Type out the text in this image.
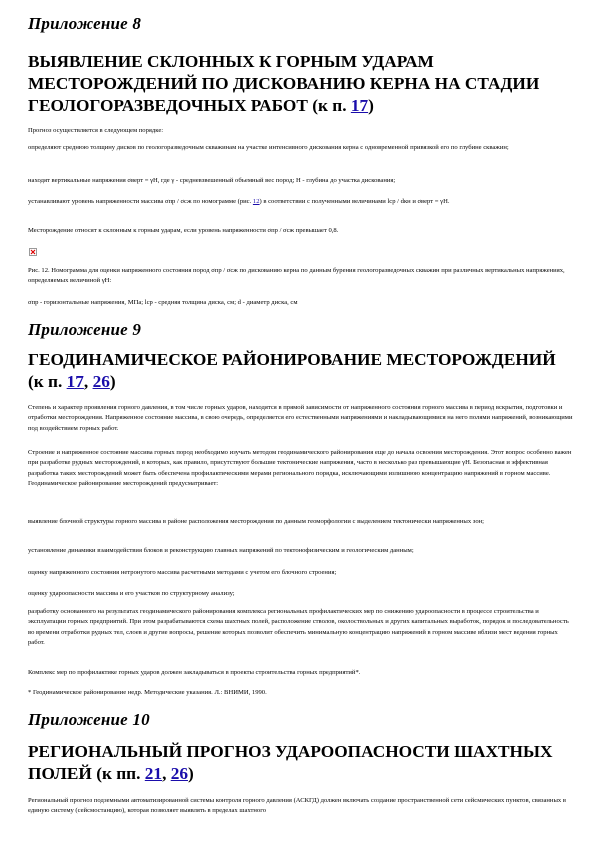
Приложение 8
ВЫЯВЛЕНИЕ СКЛОННЫХ К ГОРНЫМ УДАРАМ МЕСТОРОЖДЕНИЙ ПО ДИСКОВАНИЮ КЕРНА НА СТАДИИ ГЕОЛОГОРАЗВЕДОЧНЫХ РАБОТ (к п. 17)

Прогноз осуществляется в следующем порядке:

определяют среднюю толщину дисков по геологоразведочным скважинам на участке интенсивного дискования керна с одновременной привязкой его по глубине скважин;

находят вертикальные напряжения σверт = γH, где γ - средневзвешенный объемный вес пород; H - глубина до участка дискования;

устанавливают уровень напряженности массива σпр / σсж по номограмме (рис. 12) в соответствии с полученными величинами lср / dкн и σверт = γH.

Месторождение относят к склонным к горным ударам, если уровень напряженности σпр / σсж превышает 0,8.

Рис. 12. Номограмма для оценки напряженного состояния пород σпр / σсж по дискованию керна по данным бурения геологоразведочных скважин при различных вертикальных напряжениях, определяемых величиной γH:

σпр - горизонтальные напряжения, МПа; lср - средняя толщина диска, см; d - диаметр диска, см

Приложение 9
ГЕОДИНАМИЧЕСКОЕ РАЙОНИРОВАНИЕ МЕСТОРОЖДЕНИЙ (к п. 17, 26)

Степень и характер проявления горного давления, в том числе горных ударов, находятся в прямой зависимости от напряженного состояния горного массива в период вскрытия, подготовки и отработки месторождения. Напряженное состояние массива, в свою очередь, определяется его естественными напряжениями и накладывающимися на него полями напряжений, возникающими под воздействием горных работ.

Строение и напряженное состояние массива горных пород необходимо изучать методом геодинамического районирования еще до начала освоения месторождения. Этот вопрос особенно важен при разработке рудных месторождений, в которых, как правило, присутствуют большие тектонические напряжения, часто в несколько раз превышающие γH. Безопасная и эффективная разработка таких месторождений может быть обеспечена профилактическими мерами регионального порядка, исключающими излишнюю концентрацию напряжений в горном массиве. Геодинамическое районирование месторождений предусматривает:

выявление блочной структуры горного массива в районе расположения месторождения по данным геоморфологии с выделением тектонически напряженных зон;

установление динамики взаимодействия блоков и реконструкцию главных напряжений по тектонофизическим и геологическим данным;

оценку напряженного состояния нетронутого массива расчетными методами с учетом его блочного строения;

оценку удароопасности массива и его участков по структурному анализу;

разработку основанного на результатах геодинамического районирования комплекса региональных профилактических мер по снижению удароопасности в процессе строительства и эксплуатации горных предприятий. При этом разрабатываются схема шахтных полей, расположение стволов, околоствольных и других капитальных выработок, порядок и последовательность во времени отработки рудных тел, слоев и другие вопросы, решение которых позволит обеспечить минимальную концентрацию напряжений в горном массиве вблизи мест ведения горных работ.

Комплекс мер по профилактике горных ударов должен закладываться в проекты строительства горных предприятий*.

* Геодинамическое районирование недр. Методические указания. Л.: ВНИМИ, 1990.

Приложение 10
РЕГИОНАЛЬНЫЙ ПРОГНОЗ УДАРООПАСНОСТИ ШАХТНЫХ ПОЛЕЙ (к пп. 21, 26)

Региональный прогноз подземными автоматизированной системы контроля горного давления (АСКГД) должен включать создание пространственной сети сейсмических пунктов, связанных в единую систему (сейсмостанцию), которая позволяет выявлять в пределах шахтного
